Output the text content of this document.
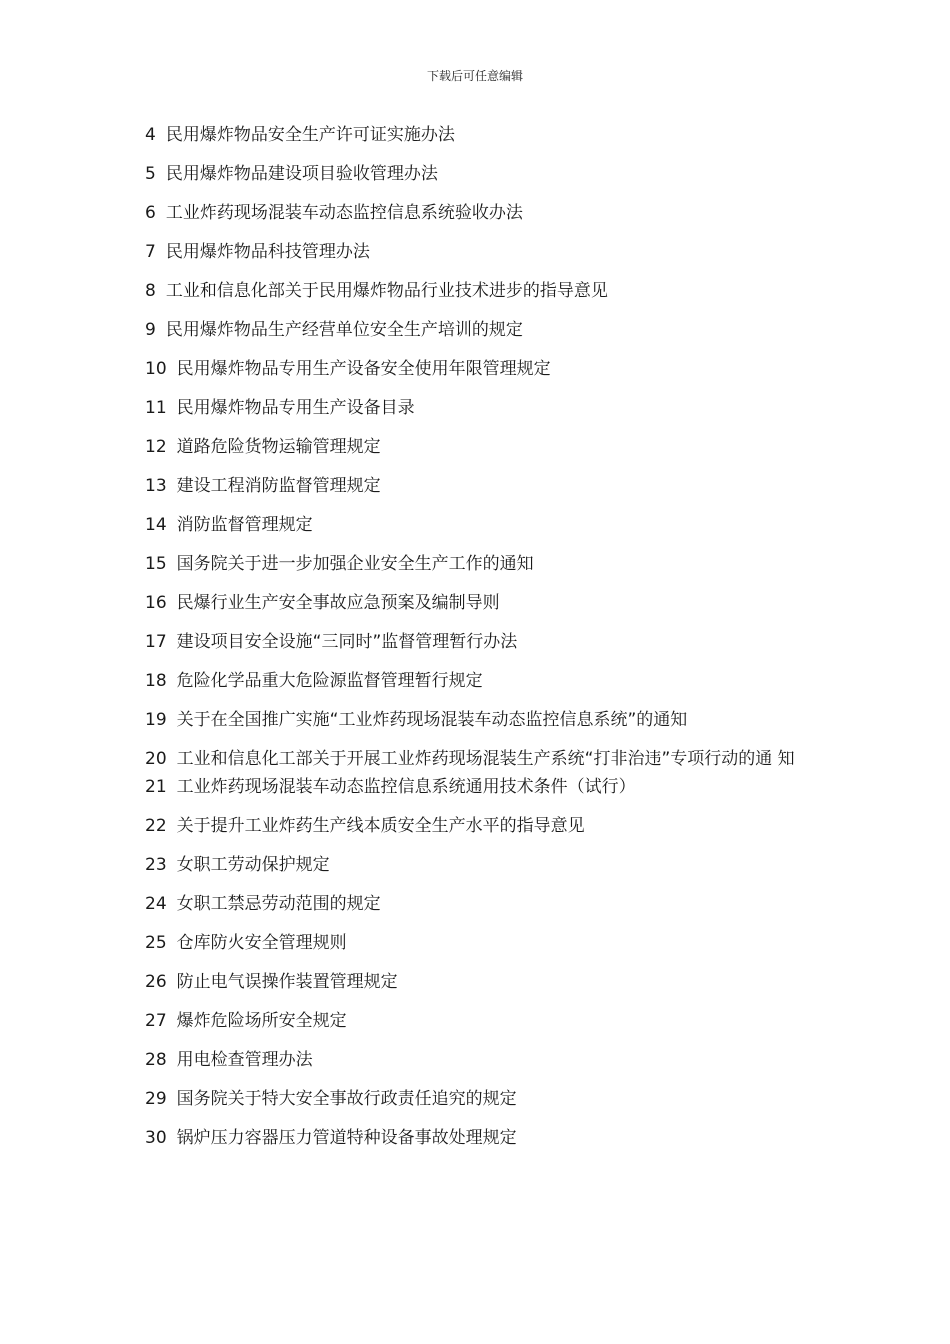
下载后可任意编辑
4 民用爆炸物品安全生产许可证实施办法
5 民用爆炸物品建设项目验收管理办法
6 工业炸药现场混装车动态监控信息系统验收办法
7 民用爆炸物品科技管理办法
8 工业和信息化部关于民用爆炸物品行业技术进步的指导意见
9 民用爆炸物品生产经营单位安全生产培训的规定
10 民用爆炸物品专用生产设备安全使用年限管理规定
11 民用爆炸物品专用生产设备目录
12 道路危险货物运输管理规定
13 建设工程消防监督管理规定
14 消防监督管理规定
15 国务院关于进一步加强企业安全生产工作的通知
16 民爆行业生产安全事故应急预案及编制导则
17 建设项目安全设施“三同时”监督管理暂行办法
18 危险化学品重大危险源监督管理暂行规定
19 关于在全国推广实施“工业炸药现场混装车动态监控信息系统”的通知
20 工业和信息化工部关于开展工业炸药现场混装生产系统“打非治违”专项行动的通 知
21 工业炸药现场混装车动态监控信息系统通用技术条件（试行）
22 关于提升工业炸药生产线本质安全生产水平的指导意见
23 女职工劳动保护规定
24 女职工禁忌劳动范围的规定
25 仓库防火安全管理规则
26 防止电气误操作装置管理规定
27 爆炸危险场所安全规定
28 用电检查管理办法
29 国务院关于特大安全事故行政责任追究的规定
30 锅炉压力容器压力管道特种设备事故处理规定
